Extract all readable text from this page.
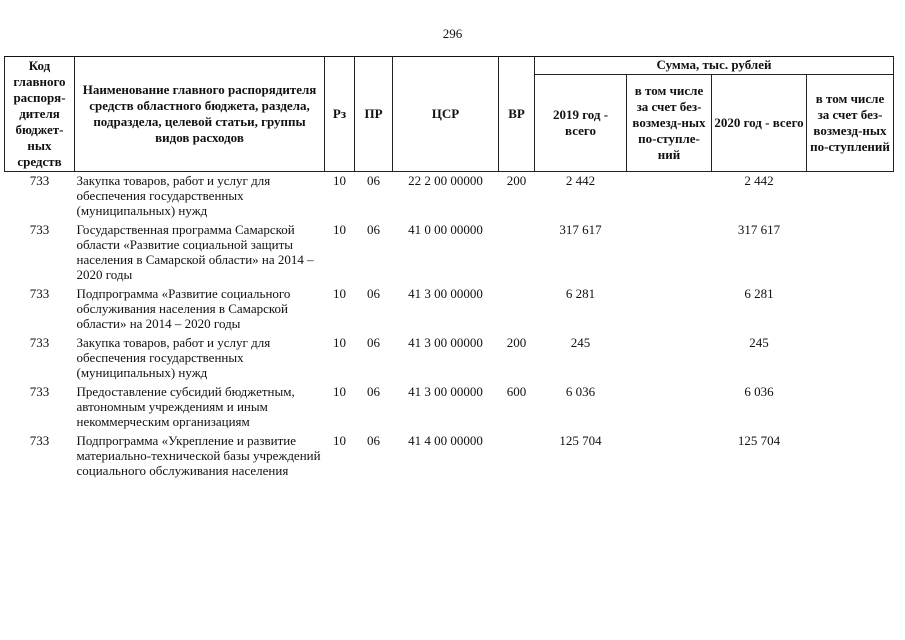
296
Код главного распоря-дителя бюджет-ных средств	Наименование главного распорядителя средств областного бюджета, раздела, подраздела, целевой статьи, группы видов расходов	Рз	ПР	ЦСР	ВР	Сумма, тыс. рублей			
						2019 год - всего	в том числе за счет без-возмезд-ных по-ступле-ний	2020 год - всего	в том числе за счет без-возмезд-ных по-ступлений
733	Закупка товаров, работ и услуг для обеспечения государственных (муниципальных) нужд	10	06	22 2 00 00000	200	2 442		2 442	
733	Государственная программа Самарской области «Развитие социальной защиты населения в Самарской области» на 2014 – 2020 годы	10	06	41 0 00 00000		317 617		317 617	
733	Подпрограмма «Развитие социального обслуживания населения в Самарской области» на 2014 – 2020 годы	10	06	41 3 00 00000		6 281		6 281	
733	Закупка товаров, работ и услуг для обеспечения государственных (муниципальных) нужд	10	06	41 3 00 00000	200	245		245	
733	Предоставление субсидий бюджетным, автономным учреждениям и иным некоммерческим организациям	10	06	41 3 00 00000	600	6 036		6 036	
733	Подпрограмма «Укрепление и развитие материально-технической базы учреждений социального обслуживания населения	10	06	41 4 00 00000		125 704		125 704	
